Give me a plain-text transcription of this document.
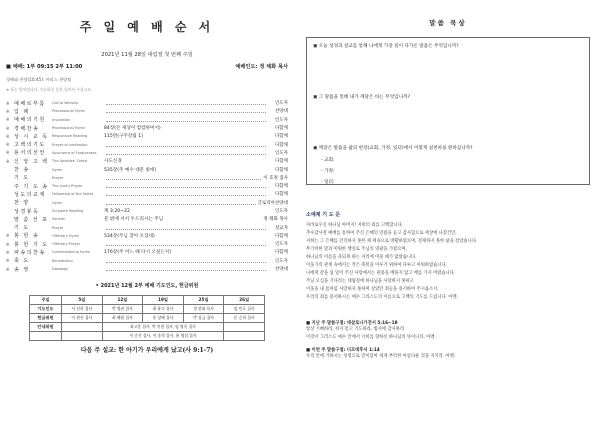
주 일 예 배 순 서
2021년 11월 28일 대림절 첫 번째 주일
■ 예배: 1부 09:15 2부 11:00	예배인도: 정 채화 목사
경배와 찬양(10:45): 카리스 찬양팀
※ 표는 일어섭니다. 가능하신 분은 일어서 주십시오.
※ 예배로부름	Call to Worship	인도자
※ 입 례	Processional Hymn	찬양대
※ 예배의기원	Invocation	인도자
※ 경배찬송	Processional Hymn	84장(온 세상이 캄캄하여서)	다함께
※ 성 시 교 독 Responsive Reading	115번(구주강림 1)	다함께
※ 고백의기도	Prayer of confession	다함께
※ 용서의선언	Assurance of Forgiveness	인도자
※ 신 앙 고 백 The Apostles' Creed	사도신경	다함께
찬 송	Hymn	535장(주 예수 대문 밖에)	다함께
기 도	Prayer	이 호정 집사
주 기 도 송 The Lord's Prayer	다함께
성도의교제	Fellowship of the Saints	다함께
찬 양	Hymn	글로리아찬양대
성경봉독	Scripture Reading	계 3:20~22	인도자
말 씀 선 포 Sermon	문 밖에 서서 두드리시는 주님	정 채화 목사
기 도	Prayer	설교자
※ 봉 헌 송	Offertory Hymn	534장(주님 찾아 오셨네)	다함께
※ 봉 헌 기 도 Offertory Prayer	인도자
※ 파송의찬송	Commissioning Hymn	176장(주 어느 때 다시 오실는지)	다함께
※ 축 도	Benediction	인도자
※ 송 영	Doxology	찬양대
• 2021년 12월 2부 예배 기도인도, 헌금위원
주일	5일	12일	19일	25일	26일
기도인도	서 선희 집사	박 병권 집사	최 윤숙 집사	정 현화 목사	임 민호 집사
헌금위원	이 현진 집사	최 혜원 집사	홍 상혜 집사	박 상금 집사	문 승희 집사
안내위원		최고운 집사, 박 미현 집사, 임 영옥 집사			
		이 준진 집사, 이 송희 집사, 윤 영섭 집사			
다음 주 설교: 한 아기가 우리에게 났고(사 9:1-7)
말씀 묵상
▣ 오늘 성경과 설교를 통해 나에게 가장 깊이 다가온 말씀은 무엇입니까?
▣ 그 말씀을 통해 내가 깨달은 바는 무엇입니까?
▣ 깨달은 말씀을 삶의 현장(교회, 가정, 일터)에서 어떻게 실천하실 원하십니까?
- 교회:
- 가정:
- 일터:
소예제 기 도 문
자비로우신 하나님 아버지! 저희의 죄를 고백합니다.
추수감사절 예배를 통하여 주신 은혜의 말씀을 듣고 감사함으로 세상에 나갔건만,
저희는 그 은혜를 간직하지 못한 채 세속으로 방황하였으며, 절제하지 못한 삶을 살았습니다.
무가치한 말과 미워한 행실로 주님의 영광을 가렸으며,
하나님의 이름을 욕되게 하는 자리에 머물 때가 많았습니다.
이웃가의 관계 속에서는 작은 축복을 이루기 위하여 다투고 미워하였습니다.
나에게 갚을 힘 있어 주신 사랑에서는 관용을 베풀지 않고 배를 가지 버렸습니다.
주님 오심을 기다리는 대림절에 하나님을 사랑하지 못하고
이웃을 내 몸처럼 사랑하지 못하며 살았던 죄들을 용서하여 주시옵소서.
우리의 죄를 용서하시는 예수 그리스도의 이름으로 고백의 기도를 드립니다. 아멘.
■ 지난 주 말씀구절: 데살로니가전서 5:16~18

항상 기뻐하라, 쉬지 말고 기도하라, 범사에 감사하라

이것이 그리스도 예수 안에서 너희를 향하신 하나님의 뜻이니라, 아멘.

■ 이번 주 말씀구절: 디모데후서 1:14

우리 안에 거하시는 성령으로 말미암아 네게 부탁한 아름다운 것을 지키라. 아멘.
